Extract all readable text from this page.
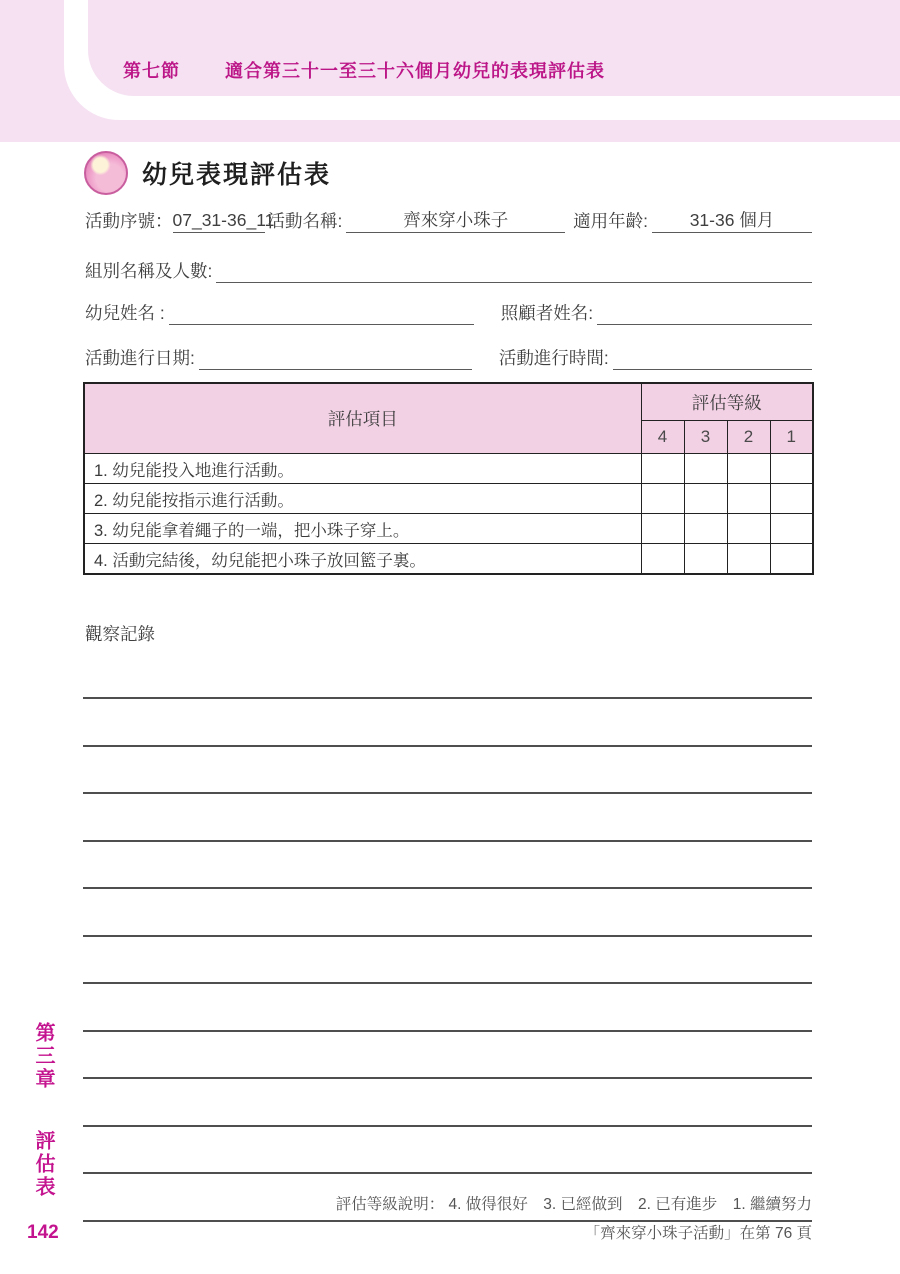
第七節	適合第三十一至三十六個月幼兒的表現評估表
幼兒表現評估表
活動序號： 07_31-36_11
活動名稱:	齊來穿小珠子	適用年齡:	31-36 個月
組別名稱及人數:
幼兒姓名 :	照顧者姓名:
活動進行日期:	活動進行時間:
評估項目	評估等級			
	4	3	2	1
1. 幼兒能投入地進行活動。				
2. 幼兒能按指示進行活動。				
3. 幼兒能拿着繩子的一端，把小珠子穿上。				
4. 活動完結後，幼兒能把小珠子放回籃子裏。				
觀察記錄
評估等級說明： 4. 做得很好　3. 已經做到　2. 已有進步　1. 繼續努力
「齊來穿小珠子活動」在第 76 頁
第三章 評估表
142
